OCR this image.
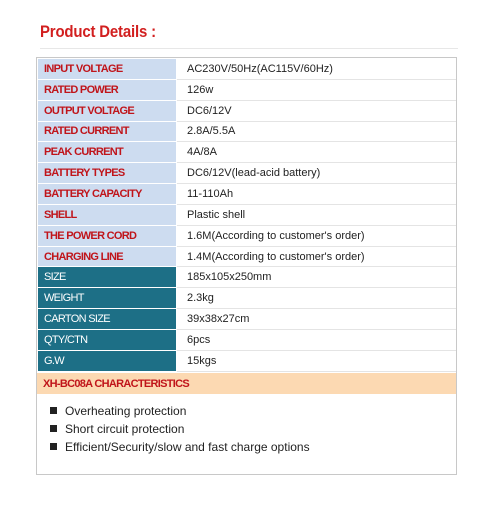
Product Details :
INPUT VOLTAGE	AC230V/50Hz(AC115V/60Hz)
RATED POWER	126w
OUTPUT VOLTAGE	DC6/12V
RATED CURRENT	2.8A/5.5A
PEAK CURRENT	4A/8A
BATTERY TYPES	DC6/12V(lead-acid battery)
BATTERY CAPACITY	11-110Ah
SHELL	Plastic shell
THE POWER CORD	1.6M(According to customer's order)
CHARGING LINE	1.4M(According to customer's order)
SIZE	185x105x250mm
WEIGHT	2.3kg
CARTON SIZE	39x38x27cm
QTY/CTN	6pcs
G.W	15kgs
XH-BC08A CHARACTERISTICS
Overheating protection
Short circuit protection
Efficient/Security/slow and fast charge options
